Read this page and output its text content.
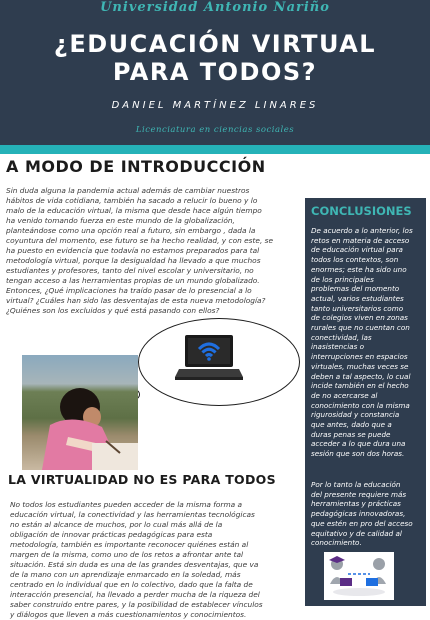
Universidad Antonio Nariño
¿EDUCACIÓN VIRTUAL
PARA TODOS?
DANIEL MARTÍNEZ LINARES
Licenciatura en ciencias sociales
A MODO DE INTRODUCCIÓN
Sin duda alguna la pandemia actual además de cambiar nuestros
hábitos de vida cotidiana, también ha sacado a relucir lo bueno y lo
malo de la educación virtual, la misma que desde hace algún tiempo
ha venido tomando fuerza en este mundo de la globalización,
planteándose como una opción real a futuro, sin embargo , dada la
coyuntura del momento, ese futuro se ha hecho realidad, y con este, se
ha puesto en evidencia que todavía no estamos preparados para tal
metodología virtual, porque la desigualdad ha llevado a que muchos
estudiantes y profesores, tanto del nivel escolar y universitario, no
tengan acceso a las herramientas propias de un mundo globalizado.
Entonces, ¿Qué implicaciones ha traído pasar de lo presencial a lo
virtual? ¿Cuáles han sido las desventajas de esta nueva metodología?
¿Quiénes son los excluidos y qué está pasando con ellos?
LA VIRTUALIDAD NO ES PARA TODOS
No todos los estudiantes pueden acceder de la misma forma a
educación virtual, la conectividad y las herramientas tecnológicas
no están al alcance de muchos, por lo cual más allá de la
obligación de innovar prácticas pedagógicas para esta
metodología, también es importante reconocer quiénes están al
margen de la misma, como uno de los retos a afrontar ante tal
situación. Está sin duda es una de las grandes desventajas, que va
de la mano con un aprendizaje enmarcado en la soledad, más
centrado en lo individual que en lo colectivo, dado que la falta de
interacción presencial, ha llevado a perder mucha de la riqueza del
saber construido entre pares, y la posibilidad de establecer vínculos
y diálogos que lleven a más cuestionamientos y conocimientos.
CONCLUSIONES
De acuerdo a lo anterior, los
retos en materia de acceso
de educación virtual para
todos los contextos, son
enormes; este ha sido uno
de los principales
problemas del momento
actual, varios estudiantes
tanto universitarios como
de colegios viven en zonas
rurales que no cuentan con
conectividad, las
inasistencias o
interrupciones en espacios
virtuales, muchas veces se
deben a tal aspecto, lo cual
incide también en el hecho
de no acercarse al
conocimiento con la misma
rigurosidad y constancia
que antes, dado que a
duras penas se puede
acceder a lo que dura una
sesión que son dos horas.
Por lo tanto la educación
del presente requiere más
herramientas y prácticas
pedagógicas innovadoras,
que estén en pro del acceso
equitativo y de calidad al
conocimiento.
